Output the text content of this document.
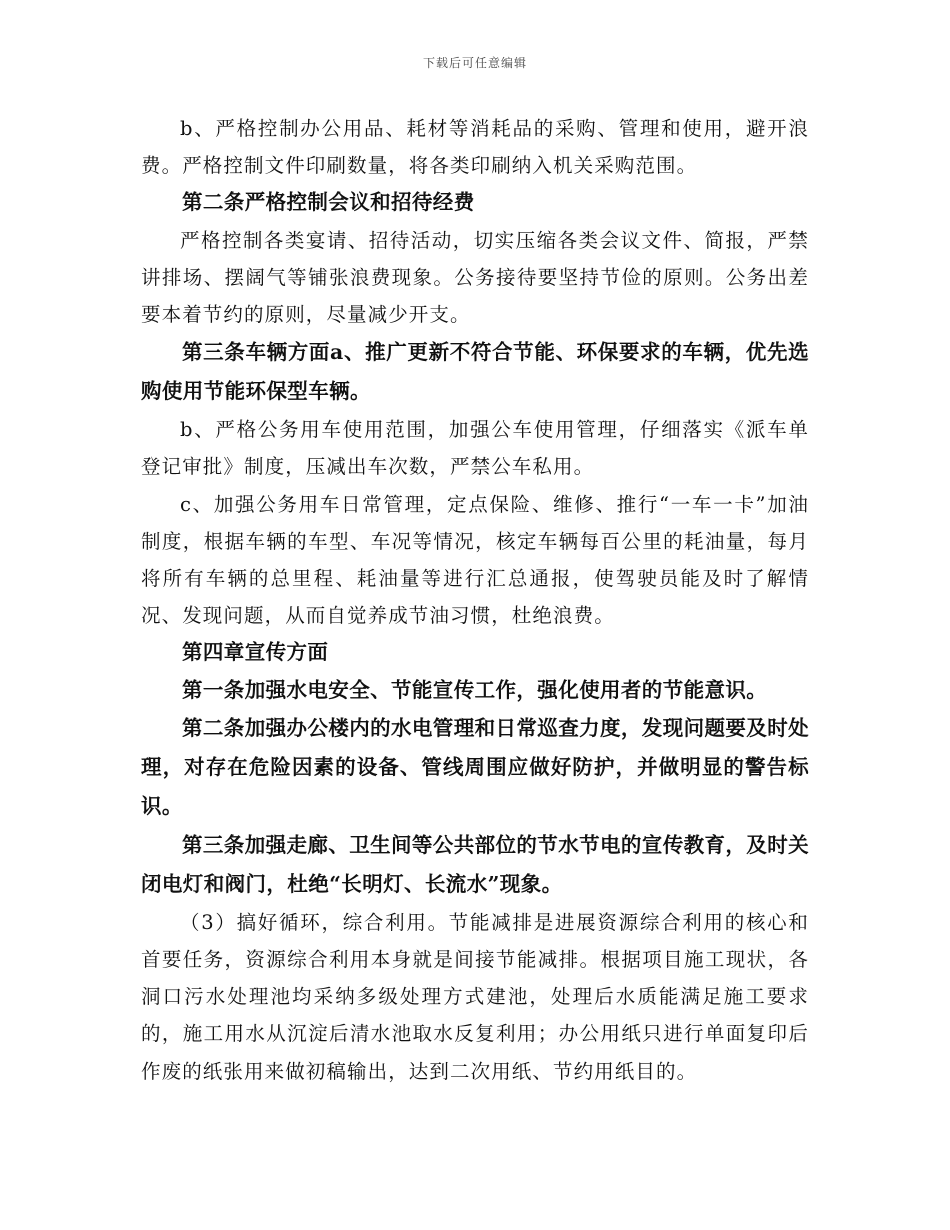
下载后可任意编辑

b、严格控制办公用品、耗材等消耗品的采购、管理和使用，避开浪费。严格控制文件印刷数量，将各类印刷纳入机关采购范围。

第二条严格控制会议和招待经费

严格控制各类宴请、招待活动，切实压缩各类会议文件、简报，严禁讲排场、摆阔气等铺张浪费现象。公务接待要坚持节俭的原则。公务出差要本着节约的原则，尽量减少开支。

第三条车辆方面a、推广更新不符合节能、环保要求的车辆，优先选购使用节能环保型车辆。

b、严格公务用车使用范围，加强公车使用管理，仔细落实《派车单登记审批》制度，压减出车次数，严禁公车私用。

c、加强公务用车日常管理，定点保险、维修、推行“一车一卡”加油制度，根据车辆的车型、车况等情况，核定车辆每百公里的耗油量，每月将所有车辆的总里程、耗油量等进行汇总通报，使驾驶员能及时了解情况、发现问题，从而自觉养成节油习惯，杜绝浪费。

第四章宣传方面

第一条加强水电安全、节能宣传工作，强化使用者的节能意识。

第二条加强办公楼内的水电管理和日常巡查力度，发现问题要及时处理，对存在危险因素的设备、管线周围应做好防护，并做明显的警告标识。

第三条加强走廊、卫生间等公共部位的节水节电的宣传教育，及时关闭电灯和阀门，杜绝“长明灯、长流水”现象。

（3）搞好循环，综合利用。节能减排是进展资源综合利用的核心和首要任务，资源综合利用本身就是间接节能减排。根据项目施工现状，各洞口污水处理池均采纳多级处理方式建池，处理后水质能满足施工要求的，施工用水从沉淀后清水池取水反复利用；办公用纸只进行单面复印后作废的纸张用来做初稿输出，达到二次用纸、节约用纸目的。
